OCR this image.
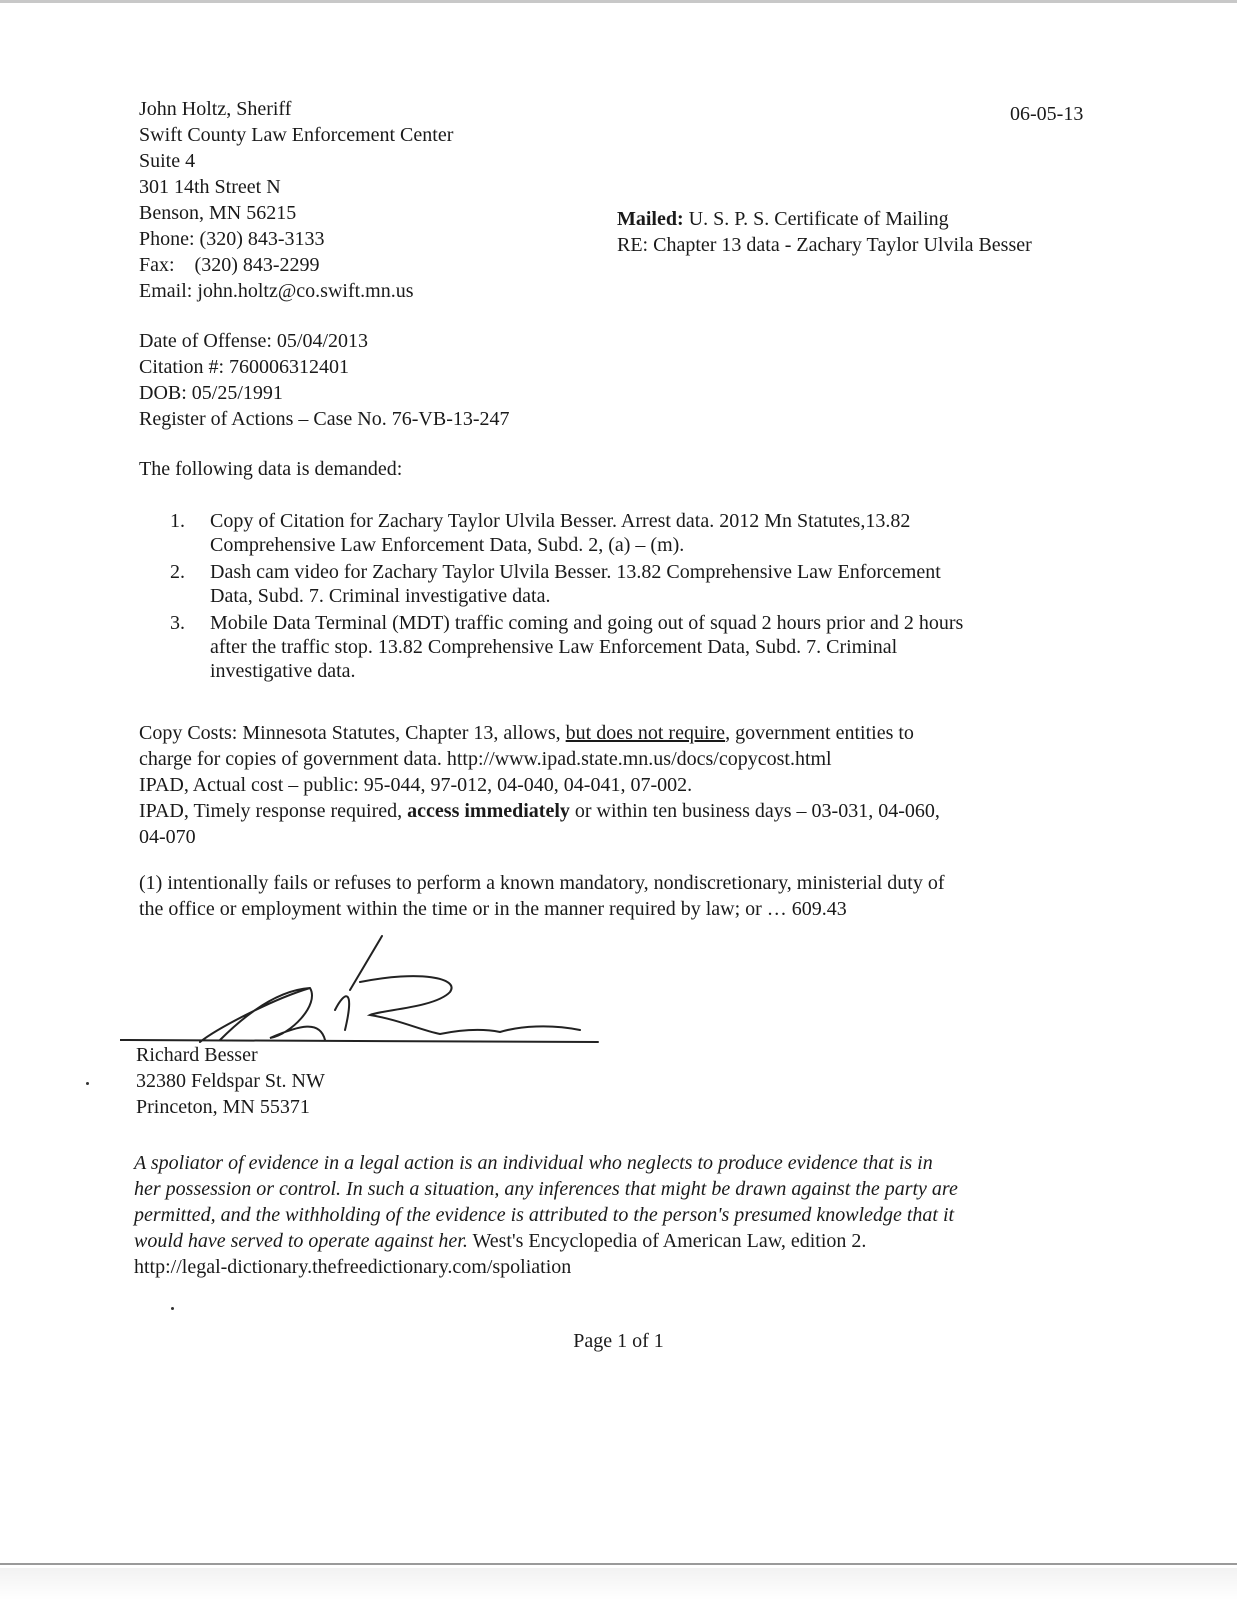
John Holtz, Sheriff
Swift County Law Enforcement Center
Suite 4
301 14th Street N
Benson, MN 56215
Phone: (320) 843-3133
Fax:    (320) 843-2299
Email: john.holtz@co.swift.mn.us
06-05-13
Mailed: U. S. P. S. Certificate of Mailing
RE: Chapter 13 data - Zachary Taylor Ulvila Besser
Date of Offense: 05/04/2013
Citation #: 760006312401
DOB: 05/25/1991
Register of Actions – Case No. 76-VB-13-247
The following data is demanded:
1. Copy of Citation for Zachary Taylor Ulvila Besser. Arrest data. 2012 Mn Statutes,13.82
Comprehensive Law Enforcement Data, Subd. 2, (a) – (m).
2. Dash cam video for Zachary Taylor Ulvila Besser. 13.82 Comprehensive Law Enforcement
Data, Subd. 7. Criminal investigative data.
3. Mobile Data Terminal (MDT) traffic coming and going out of squad 2 hours prior and 2 hours
after the traffic stop. 13.82 Comprehensive Law Enforcement Data, Subd. 7. Criminal
investigative data.
Copy Costs: Minnesota Statutes, Chapter 13, allows, but does not require, government entities to
charge for copies of government data. http://www.ipad.state.mn.us/docs/copycost.html
IPAD, Actual cost – public: 95-044, 97-012, 04-040, 04-041, 07-002.
IPAD, Timely response required, access immediately or within ten business days – 03-031, 04-060,
04-070
(1) intentionally fails or refuses to perform a known mandatory, nondiscretionary, ministerial duty of
the office or employment within the time or in the manner required by law; or … 609.43
Richard Besser
32380 Feldspar St. NW
Princeton, MN 55371
A spoliator of evidence in a legal action is an individual who neglects to produce evidence that is in
her possession or control. In such a situation, any inferences that might be drawn against the party are
permitted, and the withholding of the evidence is attributed to the person's presumed knowledge that it
would have served to operate against her. West's Encyclopedia of American Law, edition 2.
http://legal-dictionary.thefreedictionary.com/spoliation
Page 1 of 1
